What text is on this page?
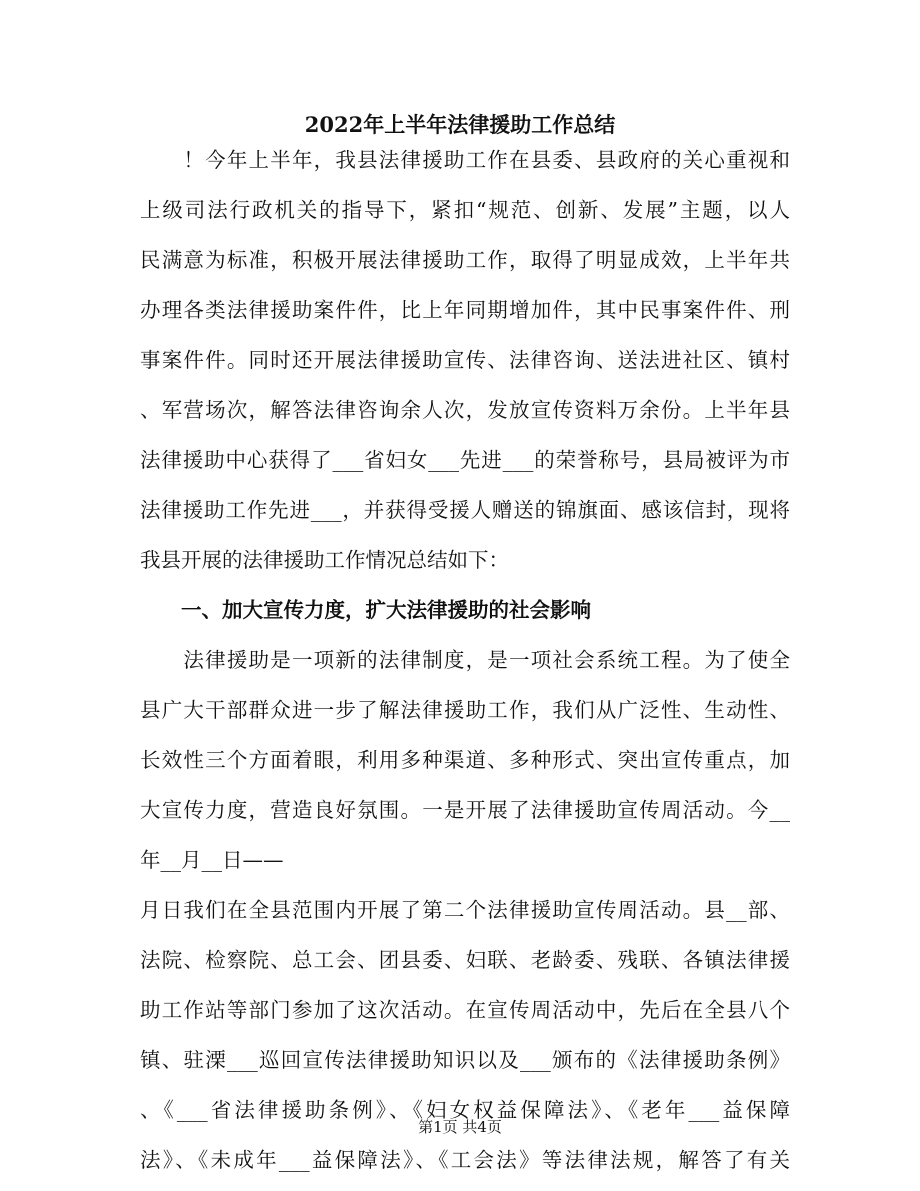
2022年上半年法律援助工作总结
　　！今年上半年，我县法律援助工作在县委、县政府的关心重视和
上级司法行政机关的指导下，紧扣“规范、创新、发展”主题，以人
民满意为标准，积极开展法律援助工作，取得了明显成效，上半年共
办理各类法律援助案件件，比上年同期增加件，其中民事案件件、刑
事案件件。同时还开展法律援助宣传、法律咨询、送法进社区、镇村
、军营场次，解答法律咨询余人次，发放宣传资料万余份。上半年县
法律援助中心获得了___省妇女___先进___的荣誉称号，县局被评为市
法律援助工作先进___，并获得受援人赠送的锦旗面、感该信封，现将
我县开展的法律援助工作情况总结如下：
　　一、加大宣传力度，扩大法律援助的社会影响
　　法律援助是一项新的法律制度，是一项社会系统工程。为了使全
县广大干部群众进一步了解法律援助工作，我们从广泛性、生动性、
长效性三个方面着眼，利用多种渠道、多种形式、突出宣传重点，加
大宣传力度，营造良好氛围。一是开展了法律援助宣传周活动。今__
年__月__日——
月日我们在全县范围内开展了第二个法律援助宣传周活动。县__部、
法院、检察院、总工会、团县委、妇联、老龄委、残联、各镇法律援
助工作站等部门参加了这次活动。在宣传周活动中，先后在全县八个
镇、驻溧___巡回宣传法律援助知识以及___颁布的《法律援助条例》
、《___省法律援助条例》、《妇女权益保障法》、《老年___益保障
法》、《未成年___益保障法》、《工会法》等法律法规，解答了有关
第1页 共4页
